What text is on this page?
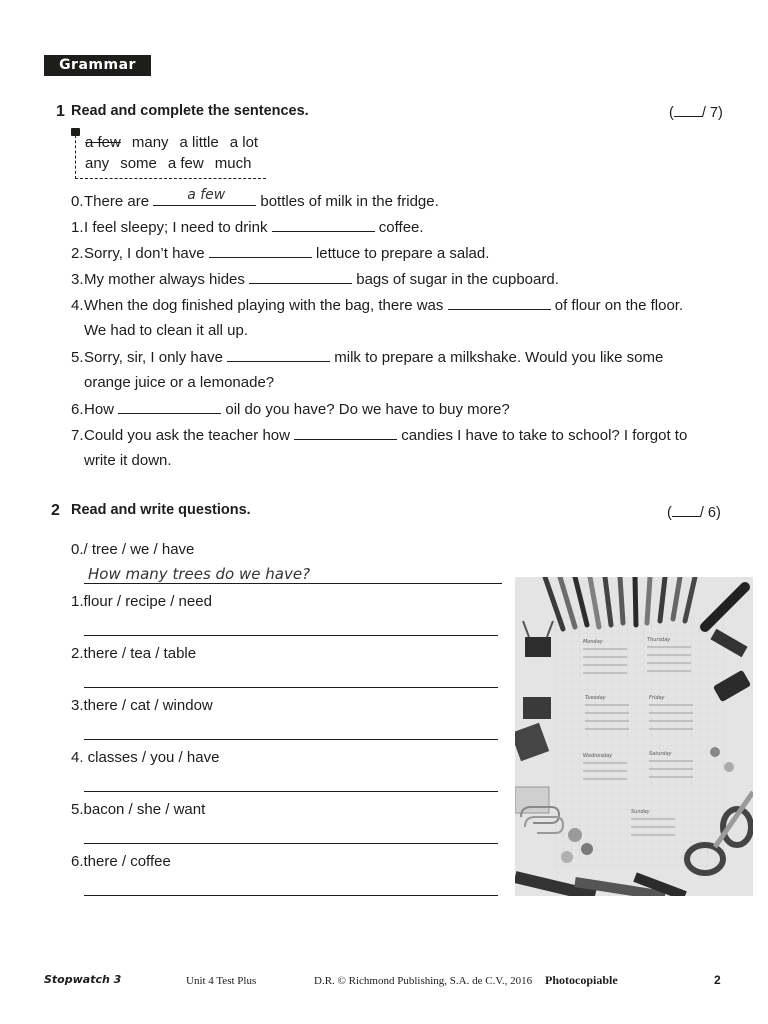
Grammar
1 Read and complete the sentences.	( / 7)
a few many a little a lot
any some a few much
0.There are a few bottles of milk in the fridge.
1.I feel sleepy; I need to drink	coffee.
2.Sorry, I don’t have	lettuce to prepare a salad.
3.My mother always hides	bags of sugar in the cupboard.
4.When the dog finished playing with the bag, there was	of flour on the floor.
We had to clean it all up.
5.Sorry, sir, I only have	milk to prepare a milkshake. Would you like some
orange juice or a lemonade?
6.How	oil do you have? Do we have to buy more?
7.Could you ask the teacher how	candies I have to take to school? I forgot to
write it down.
2 Read and write questions.	( / 6)
0./ tree / we / have
How many trees do we have?
1.flour / recipe / need
2.there / tea / table
3.there / cat / window
4. classes / you / have
5.bacon / she / want
6.there / coffee
Monday	Thursday
Tuesday	Friday
Wednesday	Saturday
Sunday
Stopwatch 3	Unit 4 Test Plus	D.R. © Richmond Publishing, S.A. de C.V., 2016 Photocopiable	2
